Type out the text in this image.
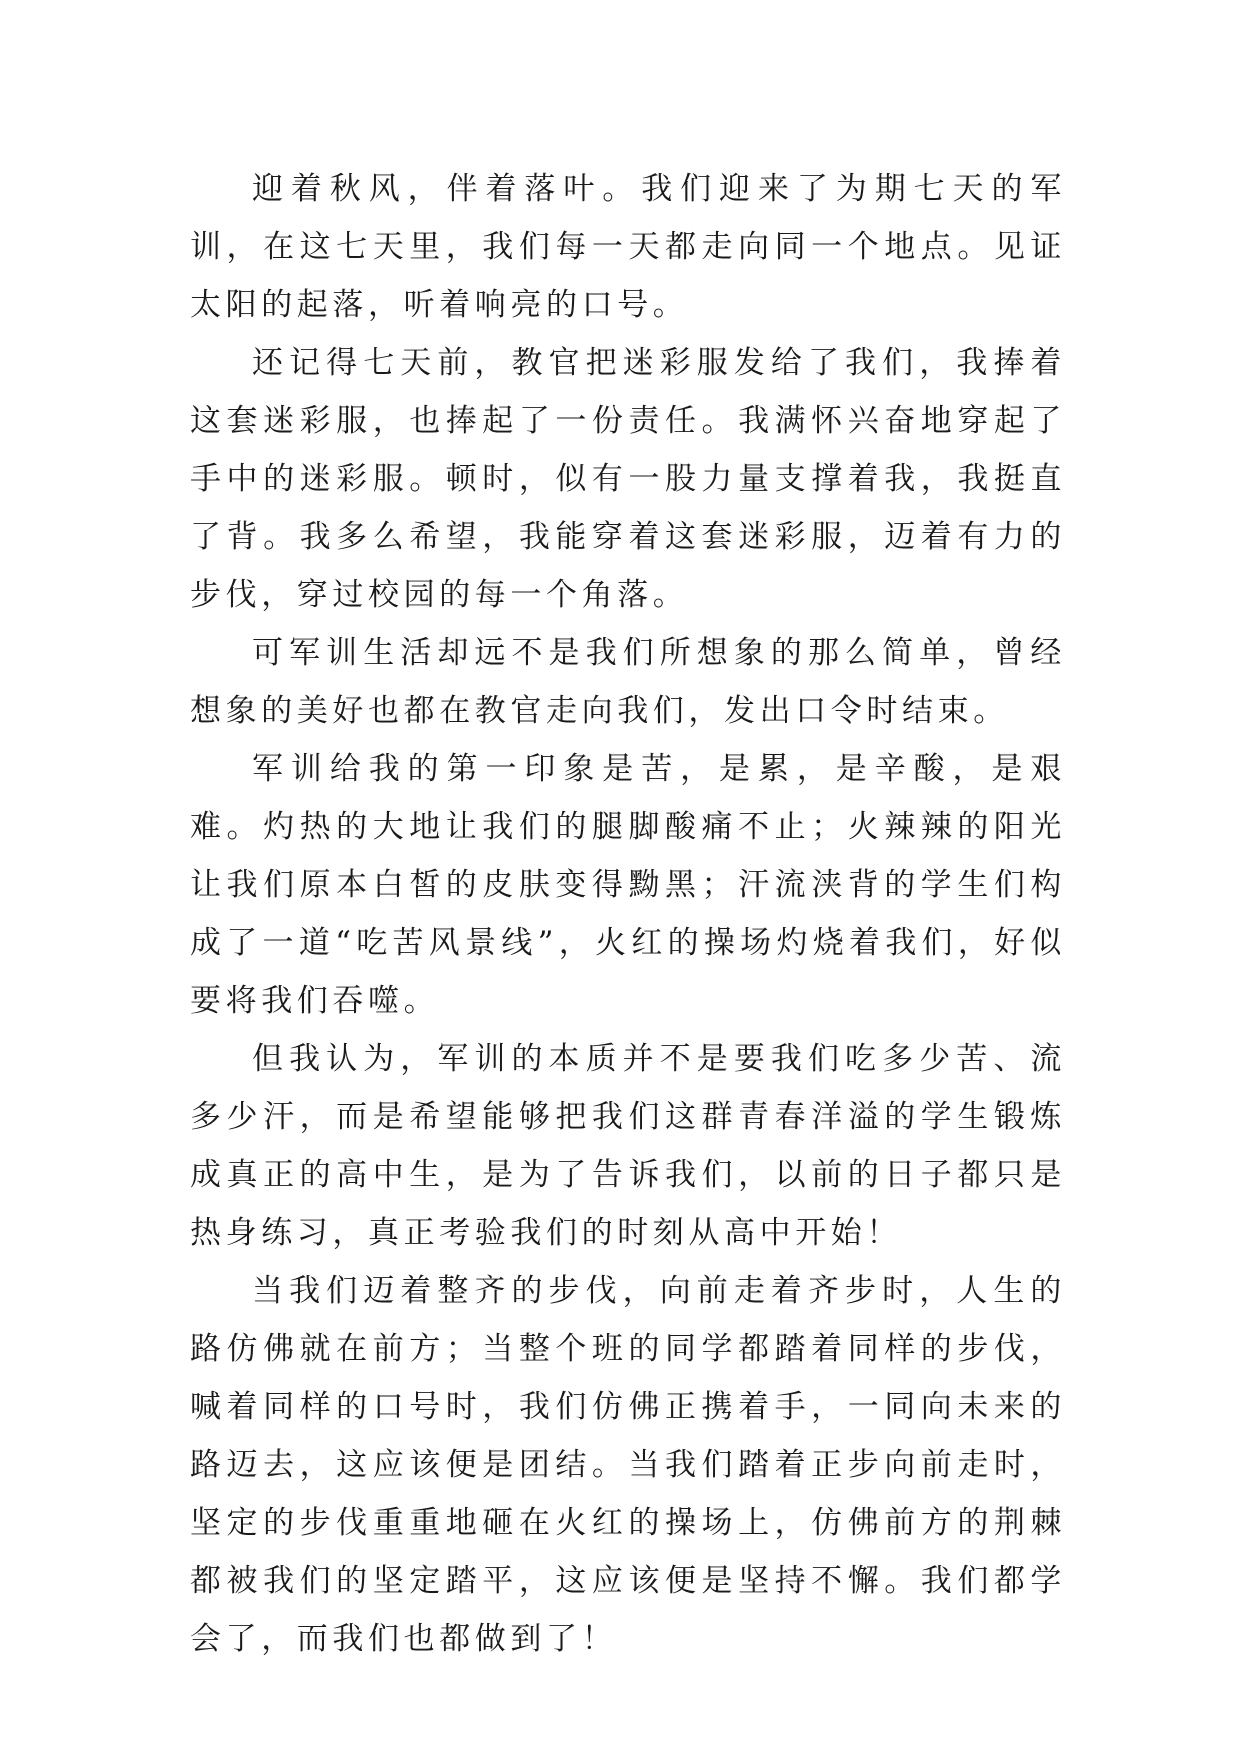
迎着秋风，伴着落叶。我们迎来了为期七天的军训，在这七天里，我们每一天都走向同一个地点。见证太阳的起落，听着响亮的口号。

还记得七天前，教官把迷彩服发给了我们，我捧着这套迷彩服，也捧起了一份责任。我满怀兴奋地穿起了手中的迷彩服。顿时，似有一股力量支撑着我，我挺直了背。我多么希望，我能穿着这套迷彩服，迈着有力的步伐，穿过校园的每一个角落。

可军训生活却远不是我们所想象的那么简单，曾经想象的美好也都在教官走向我们，发出口令时结束。

军训给我的第一印象是苦，是累，是辛酸，是艰难。灼热的大地让我们的腿脚酸痛不止；火辣辣的阳光让我们原本白皙的皮肤变得黝黑；汗流浃背的学生们构成了一道“吃苦风景线”，火红的操场灼烧着我们，好似要将我们吞噬。

但我认为，军训的本质并不是要我们吃多少苦、流多少汗，而是希望能够把我们这群青春洋溢的学生锻炼成真正的高中生，是为了告诉我们，以前的日子都只是热身练习，真正考验我们的时刻从高中开始！

当我们迈着整齐的步伐，向前走着齐步时，人生的路仿佛就在前方；当整个班的同学都踏着同样的步伐，喊着同样的口号时，我们仿佛正携着手，一同向未来的路迈去，这应该便是团结。当我们踏着正步向前走时，坚定的步伐重重地砸在火红的操场上，仿佛前方的荆棘都被我们的坚定踏平，这应该便是坚持不懈。我们都学会了，而我们也都做到了！
